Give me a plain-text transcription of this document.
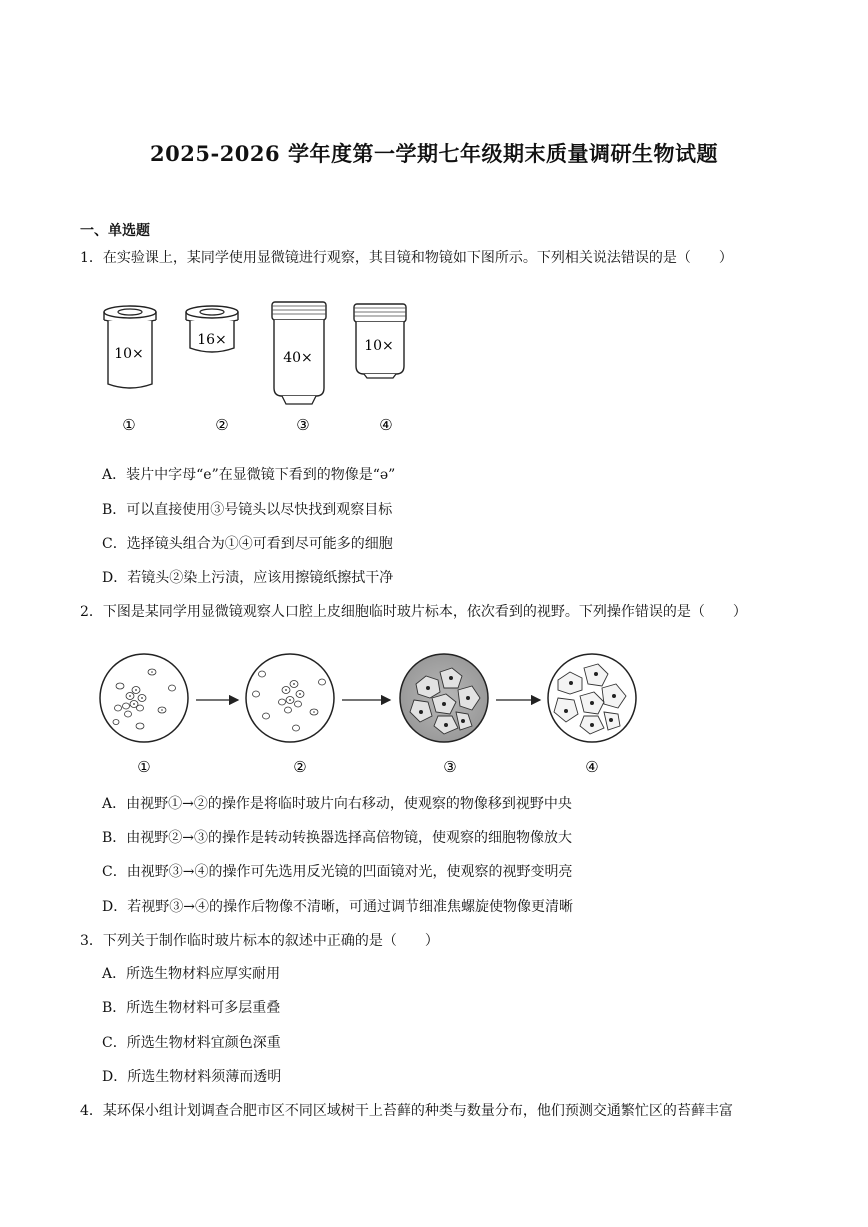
2025-2026 学年度第一学期七年级期末质量调研生物试题
一、单选题
1．在实验课上，某同学使用显微镜进行观察，其目镜和物镜如下图所示。下列相关说法错误的是（　　）
10×
16×
40×
10×
①	②	③	④
A．装片中字母“e”在显微镜下看到的物像是“ə”
B．可以直接使用③号镜头以尽快找到观察目标
C．选择镜头组合为①④可看到尽可能多的细胞
D．若镜头②染上污渍，应该用擦镜纸擦拭干净
2．下图是某同学用显微镜观察人口腔上皮细胞临时玻片标本，依次看到的视野。下列操作错误的是（　　）
①	②	③	④
A．由视野①→②的操作是将临时玻片向右移动，使观察的物像移到视野中央
B．由视野②→③的操作是转动转换器选择高倍物镜，使观察的细胞物像放大
C．由视野③→④的操作可先选用反光镜的凹面镜对光，使观察的视野变明亮
D．若视野③→④的操作后物像不清晰，可通过调节细准焦螺旋使物像更清晰
3．下列关于制作临时玻片标本的叙述中正确的是（　　）
A．所选生物材料应厚实耐用
B．所选生物材料可多层重叠
C．所选生物材料宜颜色深重
D．所选生物材料须薄而透明
4．某环保小组计划调查合肥市区不同区域树干上苔藓的种类与数量分布，他们预测交通繁忙区的苔藓丰富
